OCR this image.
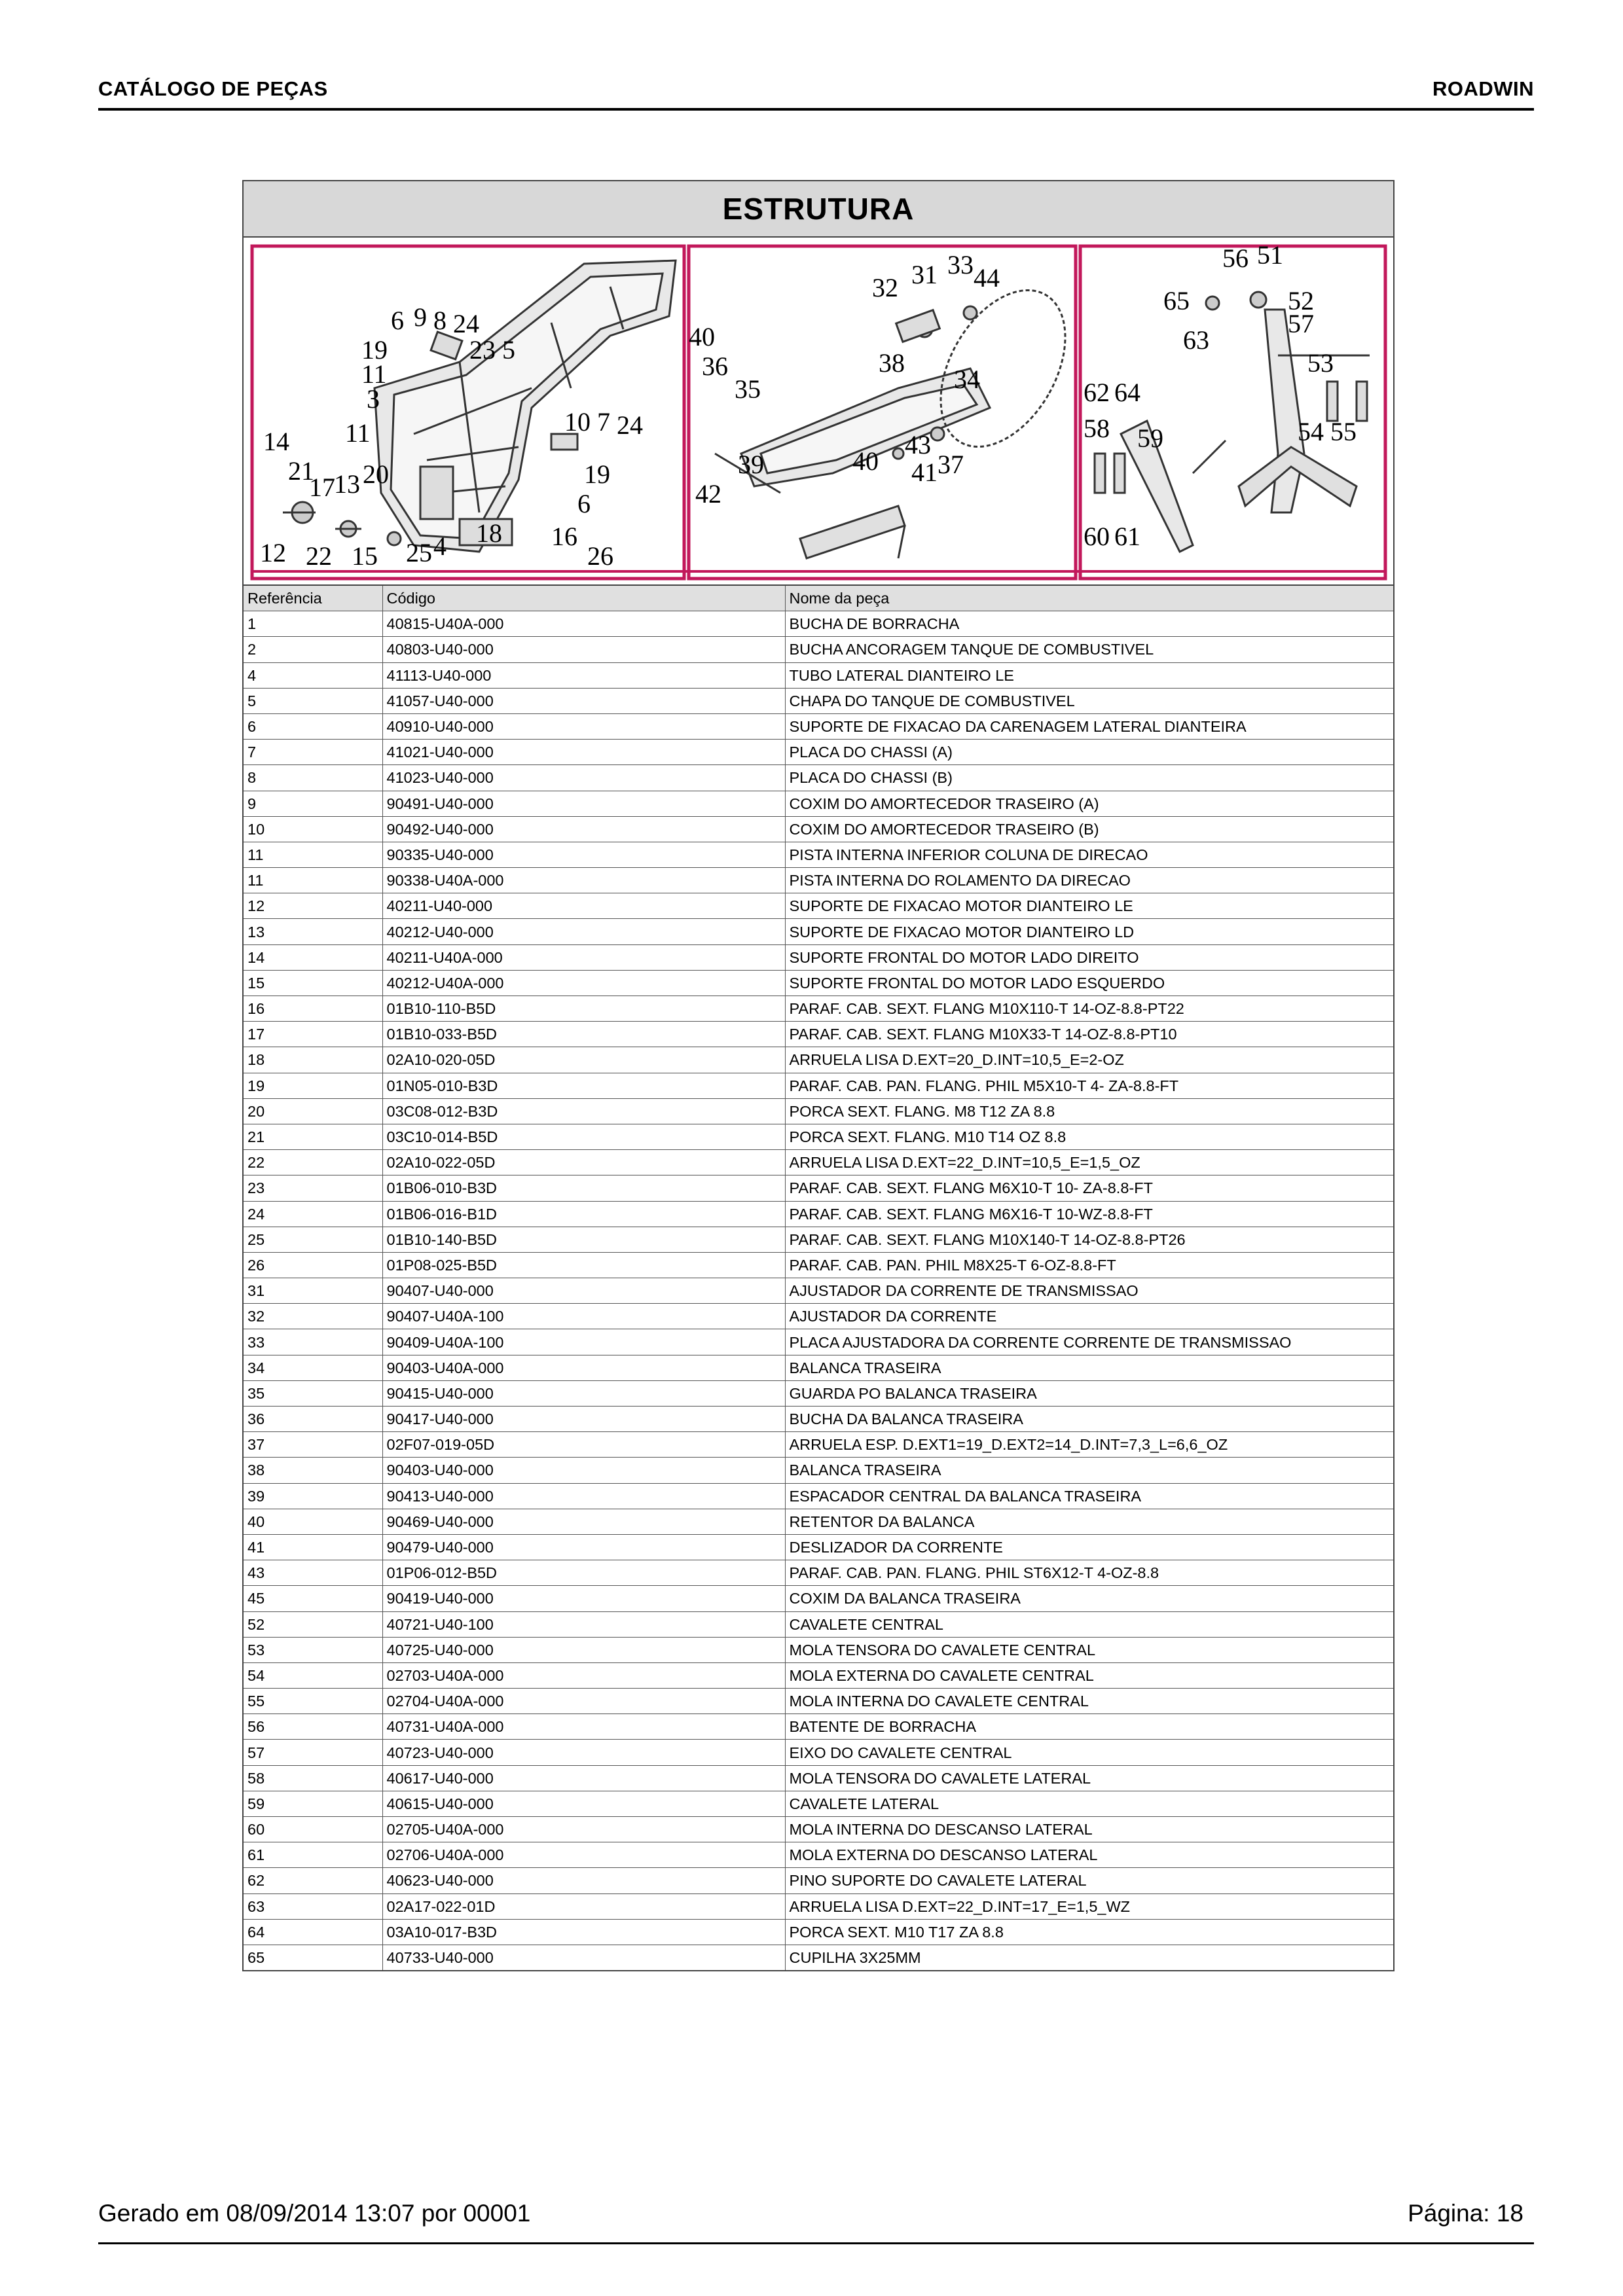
CATÁLOGO DE PEÇAS	ROADWIN
ESTRUTURA
6 9 8 24
19	23 5
11
3
11	10 7 24
14
21
17
13 20	19
6
12 22 15 25 4 18 16
26
32 31 33 44
40
36
35
38
34
43
39	40 41 37
42
56 51
65	52
57
63
53
62 64
58 59	54 55
60 61
Referência	Código	Nome da peça
1	40815-U40A-000	BUCHA DE BORRACHA
2	40803-U40-000	BUCHA ANCORAGEM TANQUE DE COMBUSTIVEL
4	41113-U40-000	TUBO LATERAL DIANTEIRO LE
5	41057-U40-000	CHAPA DO TANQUE DE COMBUSTIVEL
6	40910-U40-000	SUPORTE DE FIXACAO DA CARENAGEM LATERAL DIANTEIRA
7	41021-U40-000	PLACA DO CHASSI (A)
8	41023-U40-000	PLACA DO CHASSI (B)
9	90491-U40-000	COXIM DO AMORTECEDOR TRASEIRO (A)
10	90492-U40-000	COXIM DO AMORTECEDOR TRASEIRO (B)
11	90335-U40-000	PISTA INTERNA INFERIOR COLUNA DE DIRECAO
11	90338-U40A-000	PISTA INTERNA DO ROLAMENTO DA DIRECAO
12	40211-U40-000	SUPORTE DE FIXACAO MOTOR DIANTEIRO LE
13	40212-U40-000	SUPORTE DE FIXACAO MOTOR DIANTEIRO LD
14	40211-U40A-000	SUPORTE FRONTAL DO MOTOR LADO DIREITO
15	40212-U40A-000	SUPORTE FRONTAL DO MOTOR LADO ESQUERDO
16	01B10-110-B5D	PARAF. CAB. SEXT. FLANG M10X110-T 14-OZ-8.8-PT22
17	01B10-033-B5D	PARAF. CAB. SEXT. FLANG M10X33-T 14-OZ-8.8-PT10
18	02A10-020-05D	ARRUELA LISA D.EXT=20_D.INT=10,5_E=2-OZ
19	01N05-010-B3D	PARAF. CAB. PAN. FLANG. PHIL M5X10-T 4- ZA-8.8-FT
20	03C08-012-B3D	PORCA SEXT. FLANG. M8 T12 ZA 8.8
21	03C10-014-B5D	PORCA SEXT. FLANG. M10 T14 OZ 8.8
22	02A10-022-05D	ARRUELA LISA D.EXT=22_D.INT=10,5_E=1,5_OZ
23	01B06-010-B3D	PARAF. CAB. SEXT. FLANG M6X10-T 10- ZA-8.8-FT
24	01B06-016-B1D	PARAF. CAB. SEXT. FLANG M6X16-T 10-WZ-8.8-FT
25	01B10-140-B5D	PARAF. CAB. SEXT. FLANG M10X140-T 14-OZ-8.8-PT26
26	01P08-025-B5D	PARAF. CAB. PAN. PHIL M8X25-T 6-OZ-8.8-FT
31	90407-U40-000	AJUSTADOR DA CORRENTE DE TRANSMISSAO
32	90407-U40A-100	AJUSTADOR DA CORRENTE
33	90409-U40A-100	PLACA AJUSTADORA DA CORRENTE CORRENTE DE TRANSMISSAO
34	90403-U40A-000	BALANCA TRASEIRA
35	90415-U40-000	GUARDA PO BALANCA TRASEIRA
36	90417-U40-000	BUCHA DA BALANCA TRASEIRA
37	02F07-019-05D	ARRUELA ESP. D.EXT1=19_D.EXT2=14_D.INT=7,3_L=6,6_OZ
38	90403-U40-000	BALANCA TRASEIRA
39	90413-U40-000	ESPACADOR CENTRAL DA BALANCA TRASEIRA
40	90469-U40-000	RETENTOR DA BALANCA
41	90479-U40-000	DESLIZADOR DA CORRENTE
43	01P06-012-B5D	PARAF. CAB. PAN. FLANG. PHIL ST6X12-T 4-OZ-8.8
45	90419-U40-000	COXIM DA BALANCA TRASEIRA
52	40721-U40-100	CAVALETE CENTRAL
53	40725-U40-000	MOLA TENSORA DO CAVALETE CENTRAL
54	02703-U40A-000	MOLA EXTERNA DO CAVALETE CENTRAL
55	02704-U40A-000	MOLA INTERNA DO CAVALETE CENTRAL
56	40731-U40A-000	BATENTE DE BORRACHA
57	40723-U40-000	EIXO DO CAVALETE CENTRAL
58	40617-U40-000	MOLA TENSORA DO CAVALETE LATERAL
59	40615-U40-000	CAVALETE LATERAL
60	02705-U40A-000	MOLA INTERNA DO DESCANSO LATERAL
61	02706-U40A-000	MOLA EXTERNA DO DESCANSO LATERAL
62	40623-U40-000	PINO SUPORTE DO CAVALETE LATERAL
63	02A17-022-01D	ARRUELA LISA D.EXT=22_D.INT=17_E=1,5_WZ
64	03A10-017-B3D	PORCA SEXT. M10 T17 ZA 8.8
65	40733-U40-000	CUPILHA 3X25MM
Gerado em 08/09/2014 13:07 por 00001	Página: 18
